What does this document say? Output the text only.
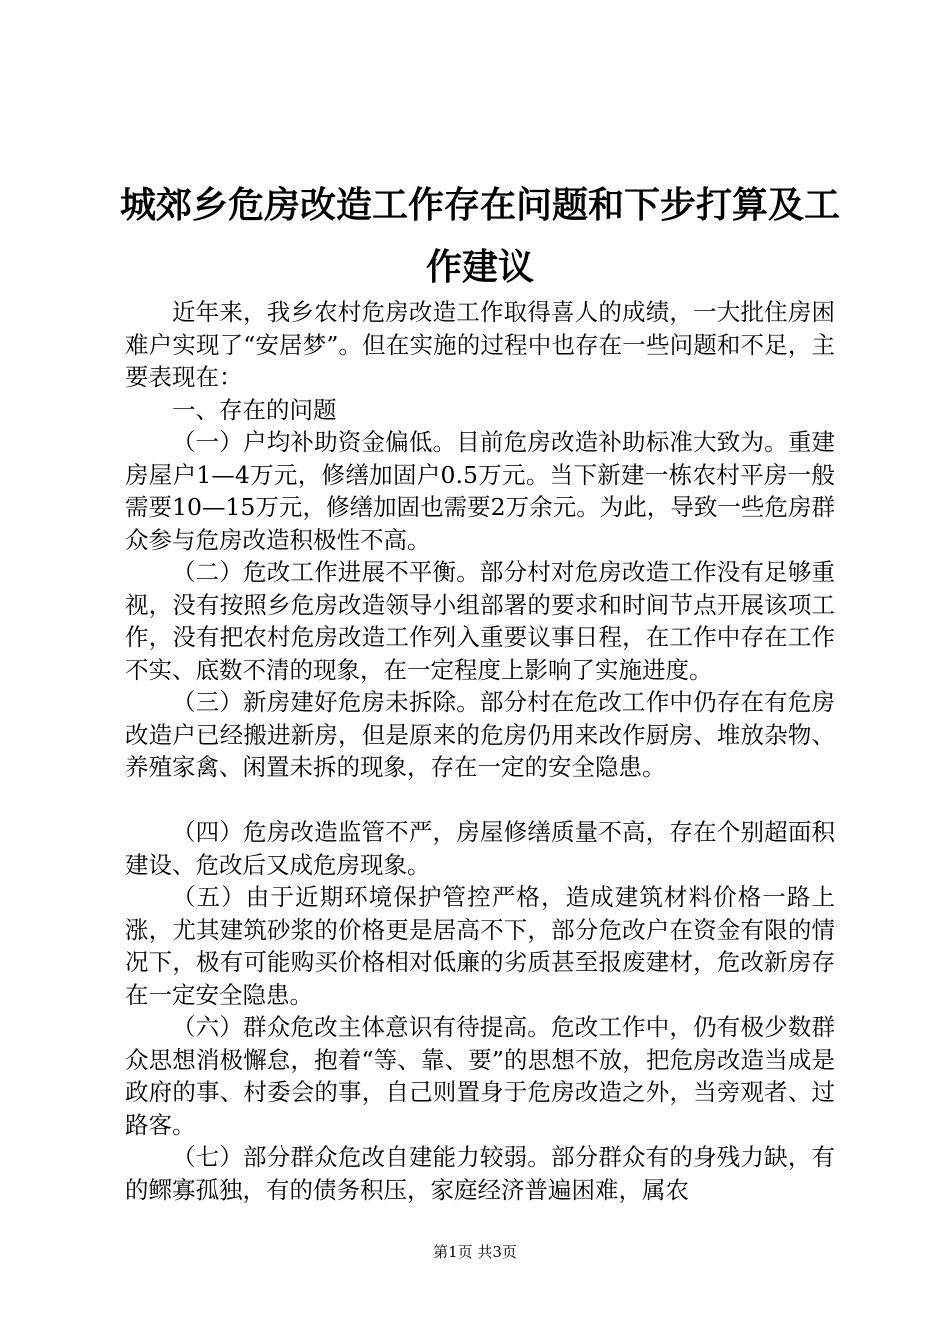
城郊乡危房改造工作存在问题和下步打算及工作建议

近年来，我乡农村危房改造工作取得喜人的成绩，一大批住房困难户实现了“安居梦”。但在实施的过程中也存在一些问题和不足，主要表现在：

一、存在的问题

（一）户均补助资金偏低。目前危房改造补助标准大致为。重建房屋户1—4万元，修缮加固户0.5万元。当下新建一栋农村平房一般需要10—15万元，修缮加固也需要2万余元。为此，导致一些危房群众参与危房改造积极性不高。

（二）危改工作进展不平衡。部分村对危房改造工作没有足够重视，没有按照乡危房改造领导小组部署的要求和时间节点开展该项工作，没有把农村危房改造工作列入重要议事日程，在工作中存在工作不实、底数不清的现象，在一定程度上影响了实施进度。

（三）新房建好危房未拆除。部分村在危改工作中仍存在有危房改造户已经搬进新房，但是原来的危房仍用来改作厨房、堆放杂物、养殖家禽、闲置未拆的现象，存在一定的安全隐患。

（四）危房改造监管不严，房屋修缮质量不高，存在个别超面积建设、危改后又成危房现象。

（五）由于近期环境保护管控严格，造成建筑材料价格一路上涨，尤其建筑砂浆的价格更是居高不下，部分危改户在资金有限的情况下，极有可能购买价格相对低廉的劣质甚至报废建材，危改新房存在一定安全隐患。

（六）群众危改主体意识有待提高。危改工作中，仍有极少数群众思想消极懈怠，抱着“等、靠、要”的思想不放，把危房改造当成是政府的事、村委会的事，自己则置身于危房改造之外，当旁观者、过路客。

（七）部分群众危改自建能力较弱。部分群众有的身残力缺，有的鳏寡孤独，有的债务积压，家庭经济普遍困难，属农

第1页 共3页
